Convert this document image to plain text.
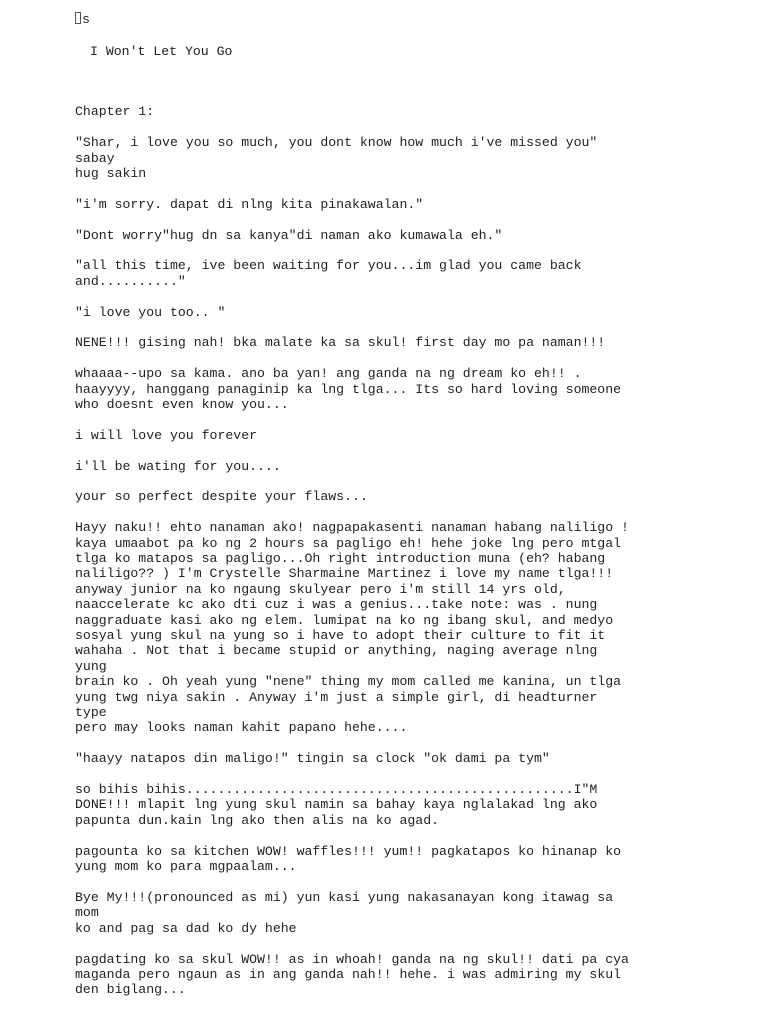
s
I Won't Let You Go
Chapter 1:

"Shar, i love you so much, you dont know how much i've missed you" sabay
hug sakin

"i'm sorry. dapat di nlng kita pinakawalan."

"Dont worry"hug dn sa kanya"di naman ako kumawala eh."

"all this time, ive been waiting for you...im glad you came back
and.........."

"i love you too.. "

NENE!!! gising nah! bka malate ka sa skul! first day mo pa naman!!!

whaaaa--upo sa kama. ano ba yan! ang ganda na ng dream ko eh!! .
haayyyy, hanggang panaginip ka lng tlga... Its so hard loving someone
who doesnt even know you...

i will love you forever

i'll be wating for you....

your so perfect despite your flaws...

Hayy naku!! ehto nanaman ako! nagpapakasenti nanaman habang naliligo !
kaya umaabot pa ko ng 2 hours sa pagligo eh! hehe joke lng pero mtgal
tlga ko matapos sa pagligo...Oh right introduction muna (eh? habang
naliligo?? ) I'm Crystelle Sharmaine Martinez i love my name tlga!!!
anyway junior na ko ngaung skulyear pero i'm still 14 yrs old,
naaccelerate kc ako dti cuz i was a genius...take note: was . nung
naggraduate kasi ako ng elem. lumipat na ko ng ibang skul, and medyo
sosyal yung skul na yung so i have to adopt their culture to fit it
wahaha . Not that i became stupid or anything, naging average nlng yung
brain ko . Oh yeah yung "nene" thing my mom called me kanina, un tlga
yung twg niya sakin . Anyway i'm just a simple girl, di headturner type
pero may looks naman kahit papano hehe....

"haayy natapos din maligo!" tingin sa clock "ok dami pa tym"

so bihis bihis.................................................I"M
DONE!!! mlapit lng yung skul namin sa bahay kaya nglalakad lng ako
papunta dun.kain lng ako then alis na ko agad.

pagounta ko sa kitchen WOW! waffles!!! yum!! pagkatapos ko hinanap ko
yung mom ko para mgpaalam...

Bye My!!!(pronounced as mi) yun kasi yung nakasanayan kong itawag sa mom
ko and pag sa dad ko dy hehe

pagdating ko sa skul WOW!! as in whoah! ganda na ng skul!! dati pa cya
maganda pero ngaun as in ang ganda nah!! hehe. i was admiring my skul
den biglang...
